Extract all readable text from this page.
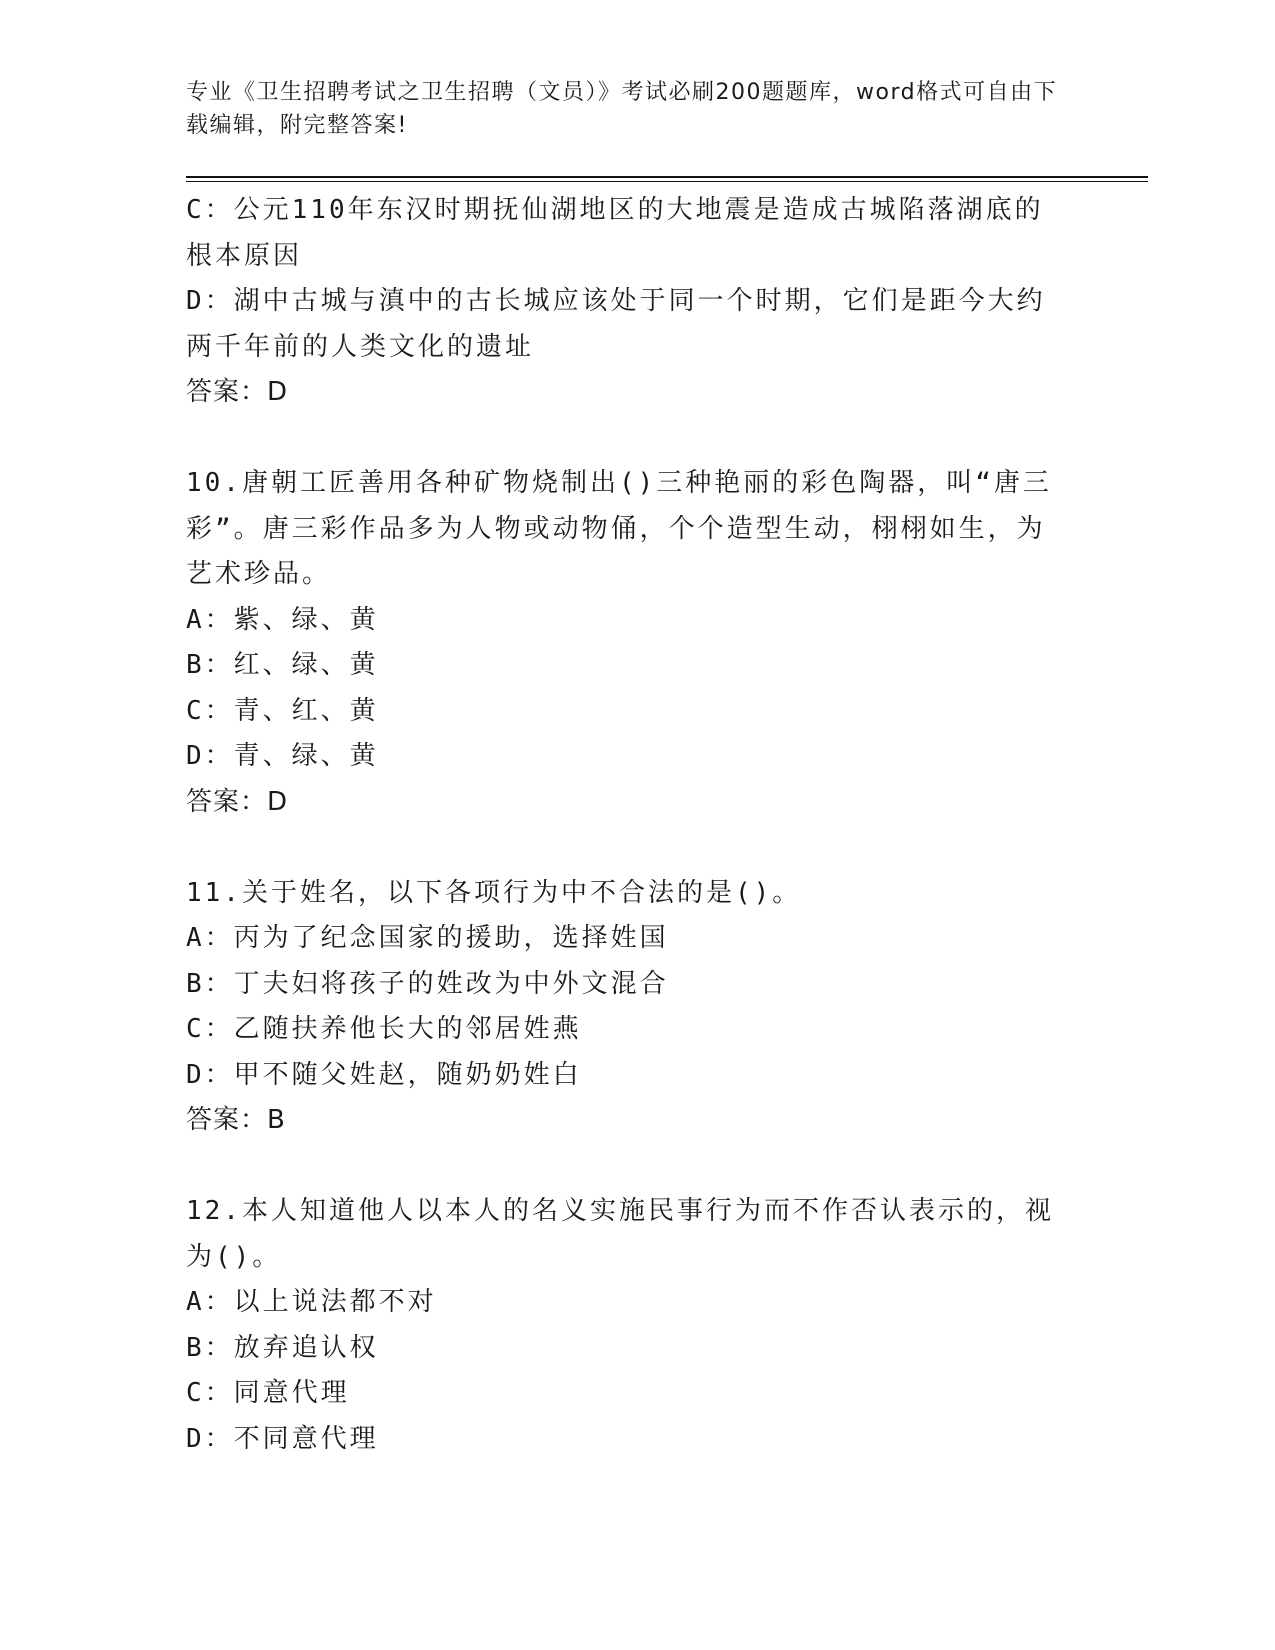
专业《卫生招聘考试之卫生招聘（文员）》考试必刷200题题库，word格式可自由下载编辑，附完整答案!
C：公元110年东汉时期抚仙湖地区的大地震是造成古城陷落湖底的根本原因
D：湖中古城与滇中的古长城应该处于同一个时期，它们是距今大约两千年前的人类文化的遗址
答案：D
10.唐朝工匠善用各种矿物烧制出()三种艳丽的彩色陶器，叫“唐三彩”。唐三彩作品多为人物或动物俑，个个造型生动，栩栩如生，为艺术珍品。
A：紫、绿、黄
B：红、绿、黄
C：青、红、黄
D：青、绿、黄
答案：D
11.关于姓名，以下各项行为中不合法的是()。
A：丙为了纪念国家的援助，选择姓国
B：丁夫妇将孩子的姓改为中外文混合
C：乙随扶养他长大的邻居姓燕
D：甲不随父姓赵，随奶奶姓白
答案：B
12.本人知道他人以本人的名义实施民事行为而不作否认表示的，视为()。
A：以上说法都不对
B：放弃追认权
C：同意代理
D：不同意代理
